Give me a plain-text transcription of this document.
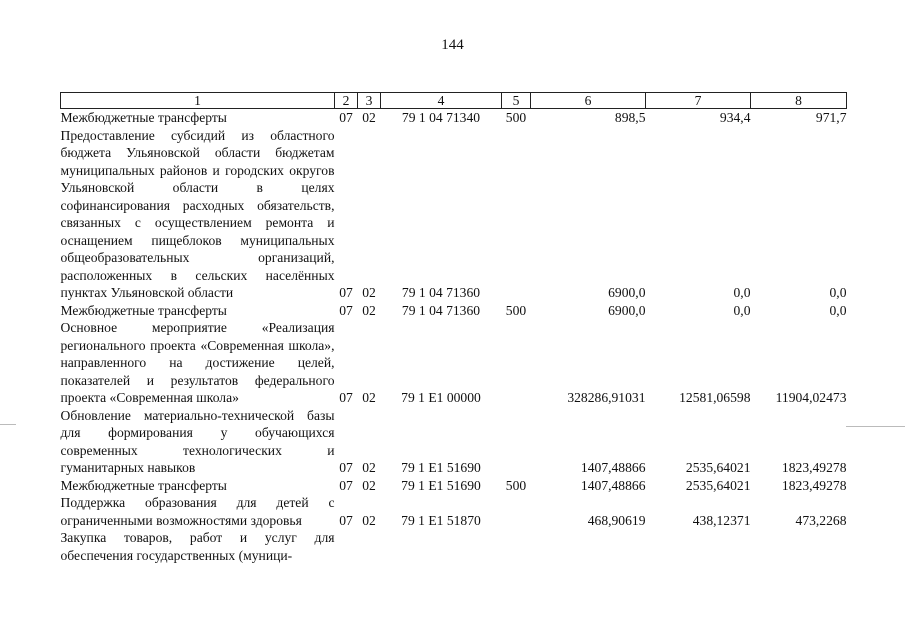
144
1	2	3	4	5	6	7	8
Межбюджетные трансферты	07	02	79 1 04 71340	500	898,5	934,4	971,7
Предоставление субсидий из областного бюджета Ульяновской области бюджетам муниципальных районов и городских округов Ульяновской области в целях софинансирования расходных обязательств, связанных с осуществлением ремонта и оснащением пищеблоков муниципальных общеобразовательных организаций, расположенных в сельских населённых пунктах Ульяновской области	07	02	79 1 04 71360		6900,0	0,0	0,0
Межбюджетные трансферты	07	02	79 1 04 71360	500	6900,0	0,0	0,0
Основное мероприятие «Реализация регионального проекта «Современная школа», направленного на достижение целей, показателей и результатов федерального проекта «Современная школа»	07	02	79 1 E1 00000		328286,91031	12581,06598	11904,02473
Обновление материально-технической базы для формирования у обучающихся современных технологических и гуманитарных навыков	07	02	79 1 E1 51690		1407,48866	2535,64021	1823,49278
Межбюджетные трансферты	07	02	79 1 E1 51690	500	1407,48866	2535,64021	1823,49278
Поддержка образования для детей с ограниченными возможностями здоровья	07	02	79 1 E1 51870		468,90619	438,12371	473,2268
Закупка товаров, работ и услуг для обеспечения государственных (муници-							
